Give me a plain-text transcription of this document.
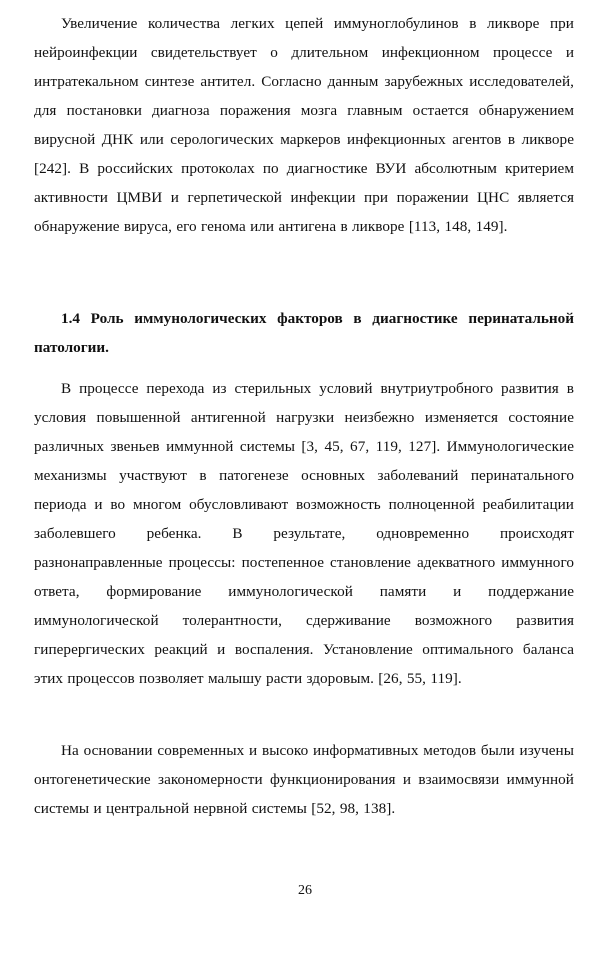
Увеличение количества легких цепей иммуноглобулинов в ликворе при нейроинфекции свидетельствует о длительном инфекционном процессе и интратекальном синтезе антител. Согласно данным зарубежных исследователей, для постановки диагноза поражения мозга главным остается обнаружением вирусной ДНК или серологических маркеров инфекционных агентов в ликворе [242]. В российских протоколах по диагностике ВУИ абсолютным критерием активности ЦМВИ и герпетической инфекции при поражении ЦНС является обнаружение вируса, его генома или антигена в ликворе [113, 148, 149].

1.4 Роль иммунологических факторов в диагностике перинатальной патологии.

В процессе перехода из стерильных условий внутриутробного развития в условия повышенной антигенной нагрузки неизбежно изменяется состояние различных звеньев иммунной системы [3, 45, 67, 119, 127]. Иммунологические механизмы участвуют в патогенезе основных заболеваний перинатального периода и во многом обусловливают возможность полноценной реабилитации заболевшего ребенка. В результате, одновременно происходят разнонаправленные процессы: постепенное становление адекватного иммунного ответа, формирование иммунологической памяти и поддержание иммунологической толерантности, сдерживание возможного развития гиперергических реакций и воспаления. Установление оптимального баланса этих процессов позволяет малышу расти здоровым. [26, 55, 119].

На основании современных и высоко информативных методов были изучены онтогенетические закономерности функционирования и взаимосвязи иммунной системы и центральной нервной системы [52, 98, 138].

26
